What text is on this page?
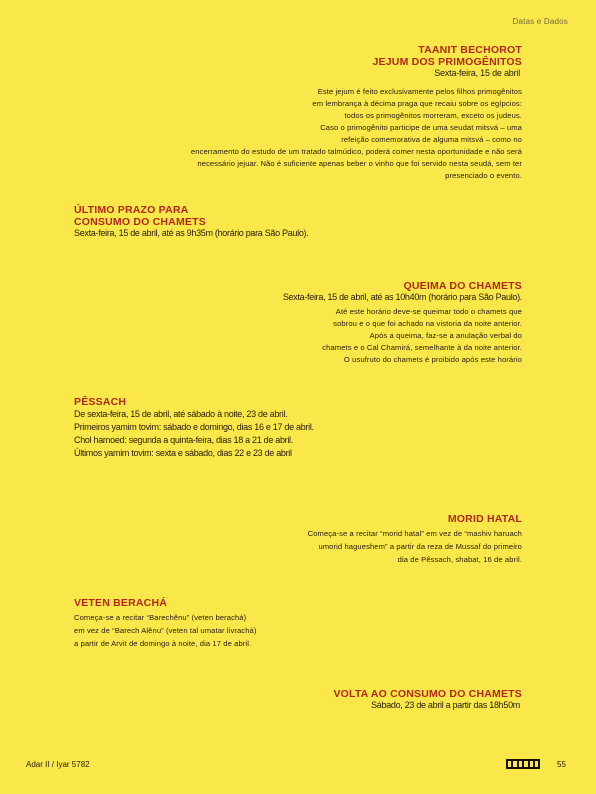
Datas e Dados

TAANIT BECHOROT

JEJUM DOS PRIMOGÊNITOS

Sexta-feira, 15 de abril

Este jejum é feito exclusivamente pelos filhos primogênitos
em lembrança à décima praga que recaiu sobre os egípcios:
todos os primogênitos morreram, exceto os judeus.
Caso o primogênito participe de uma seudat mitsvá – uma
refeição comemorativa de alguma mitsvá – como no
encerramento do estudo de um tratado talmúdico, poderá comer nesta oportunidade e não será
necessário jejuar. Não é suficiente apenas beber o vinho que foi servido nesta seudá, sem ter
presenciado o evento.

ÚLTIMO PRAZO PARA

CONSUMO DO CHAMETS

Sexta-feira, 15 de abril, até as 9h35m (horário para São Paulo).

QUEIMA DO CHAMETS

Sexta-feira, 15 de abril, até as 10h40m (horário para São Paulo).
Até este horário deve-se queimar todo o chamets que
sobrou e o que foi achado na vistoria da noite anterior.
Após a queima, faz-se a anulação verbal do
chamets e o Cal Chamirá, semelhante à da noite anterior.
O usufruto do chamets é proibido após este horário

PÊSSACH

De sexta-feira, 15 de abril, até sábado à noite, 23 de abril.
Primeiros yamim tovim: sábado e domingo, dias 16 e 17 de abril.
Chol hamoed: segunda a quinta-feira, dias 18 a 21 de abril.
Últimos yamim tovim: sexta e sábado, dias 22 e 23 de abril

MORID HATAL

Começa-se a recitar “morid hatal” em vez de “mashiv haruach
umorid hagueshem” a partir da reza de Mussaf do primeiro
dia de Pêssach, shabat, 16 de abril.

VETEN BERACHÁ

Começa-se a recitar “Barechênu” (veten berachá)
em vez de “Barech Alênu” (veten tal umatar livrachá)
a partir de Arvit de domingo à noite, dia 17 de abril.

VOLTA AO CONSUMO DO CHAMETS

Sábado, 23 de abril a partir das 18h50m
Adar II / Iyar 5782	55
